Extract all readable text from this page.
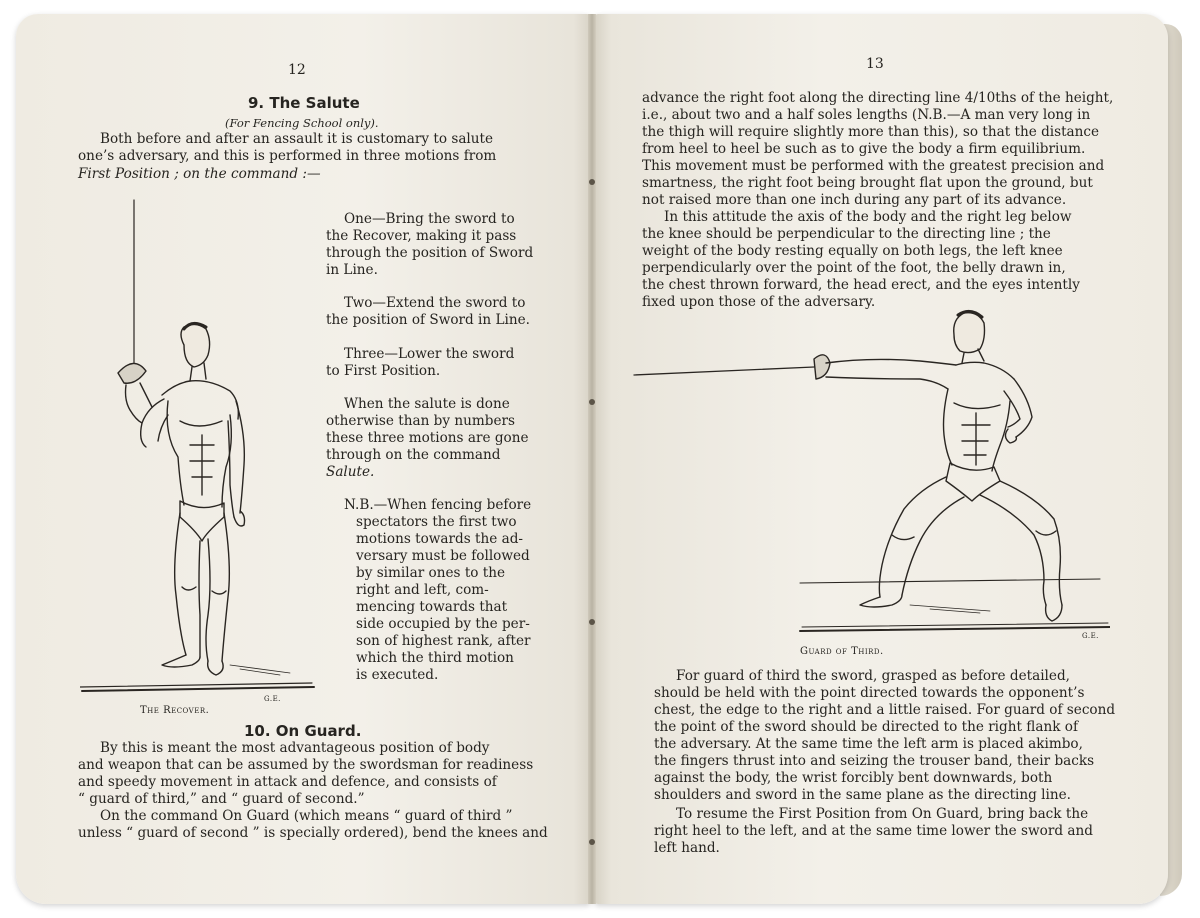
12
9. The Salute
(For Fencing School only).
Both before and after an assault it is customary to salute
one’s adversary, and this is performed in three motions from
First Position ; on the command :—
One—Bring the sword to
the Recover, making it pass
through the position of Sword
in Line.
Two—Extend the sword to
the position of Sword in Line.
Three—Lower the sword
to First Position.
When the salute is done
otherwise than by numbers
these three motions are gone
through on the command
Salute.
N.B.—When fencing before
spectators the first two
motions towards the ad-
versary must be followed
by similar ones to the
right and left, com-
mencing towards that
side occupied by the per-
son of highest rank, after
which the third motion
is executed.
The Recover.
G.E.
10. On Guard.
By this is meant the most advantageous position of body
and weapon that can be assumed by the swordsman for readiness
and speedy movement in attack and defence, and consists of
“ guard of third,” and “ guard of second.”
On the command On Guard (which means “ guard of third ”
unless “ guard of second ” is specially ordered), bend the knees and
13
advance the right foot along the directing line 4/10ths of the height,
i.e., about two and a half soles lengths (N.B.—A man very long in
the thigh will require slightly more than this), so that the distance
from heel to heel be such as to give the body a firm equilibrium.
This movement must be performed with the greatest precision and
smartness, the right foot being brought flat upon the ground, but
not raised more than one inch during any part of its advance.
In this attitude the axis of the body and the right leg below
the knee should be perpendicular to the directing line ; the
weight of the body resting equally on both legs, the left knee
perpendicularly over the point of the foot, the belly drawn in,
the chest thrown forward, the head erect, and the eyes intently
fixed upon those of the adversary.
Guard of Third.
G.E.
For guard of third the sword, grasped as before detailed,
should be held with the point directed towards the opponent’s
chest, the edge to the right and a little raised. For guard of second
the point of the sword should be directed to the right flank of
the adversary. At the same time the left arm is placed akimbo,
the fingers thrust into and seizing the trouser band, their backs
against the body, the wrist forcibly bent downwards, both
shoulders and sword in the same plane as the directing line.
To resume the First Position from On Guard, bring back the
right heel to the left, and at the same time lower the sword and
left hand.
